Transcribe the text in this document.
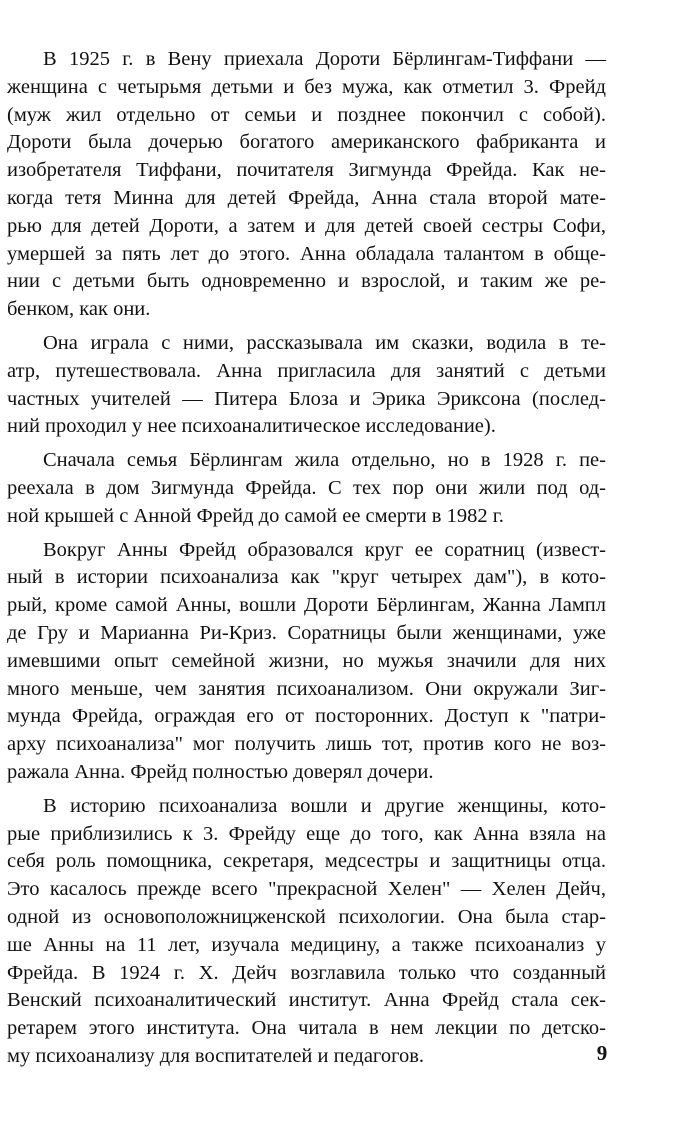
В 1925 г. в Вену приехала Дороти Бёрлингам-Тиффани —
женщина с четырьмя детьми и без мужа, как отметил 3. Фрейд
(муж жил отдельно от семьи и позднее покончил с собой).
Дороти была дочерью богатого американского фабриканта и
изобретателя Тиффани, почитателя Зигмунда Фрейда. Как не-
когда тетя Минна для детей Фрейда, Анна стала второй мате-
рью для детей Дороти, а затем и для детей своей сестры Софи,
умершей за пять лет до этого. Анна обладала талантом в обще-
нии с детьми быть одновременно и взрослой, и таким же ре-
бенком, как они.
Она играла с ними, рассказывала им сказки, водила в те-
атр, путешествовала. Анна пригласила для занятий с детьми
частных учителей — Питера Блоза и Эрика Эриксона (послед-
ний проходил у нее психоаналитическое исследование).
Сначала семья Бёрлингам жила отдельно, но в 1928 г. пе-
реехала в дом Зигмунда Фрейда. С тех пор они жили под од-
ной крышей с Анной Фрейд до самой ее смерти в 1982 г.
Вокруг Анны Фрейд образовался круг ее соратниц (извест-
ный в истории психоанализа как "круг четырех дам"), в кото-
рый, кроме самой Анны, вошли Дороти Бёрлингам, Жанна Лампл
де Гру и Марианна Ри-Криз. Соратницы были женщинами, уже
имевшими опыт семейной жизни, но мужья значили для них
много меньше, чем занятия психоанализом. Они окружали Зиг-
мунда Фрейда, ограждая его от посторонних. Доступ к "патри-
арху психоанализа" мог получить лишь тот, против кого не воз-
ражала Анна. Фрейд полностью доверял дочери.
В историю психоанализа вошли и другие женщины, кото-
рые приблизились к 3. Фрейду еще до того, как Анна взяла на
себя роль помощника, секретаря, медсестры и защитницы отца.
Это касалось прежде всего "прекрасной Хелен" — Хелен Дейч,
одной из основоположницженской психологии. Она была стар-
ше Анны на 11 лет, изучала медицину, а также психоанализ у
Фрейда. В 1924 г. Х. Дейч возглавила только что созданный
Венский психоаналитический институт. Анна Фрейд стала сек-
ретарем этого института. Она читала в нем лекции по детско-
му психоанализу для воспитателей и педагогов.	9
